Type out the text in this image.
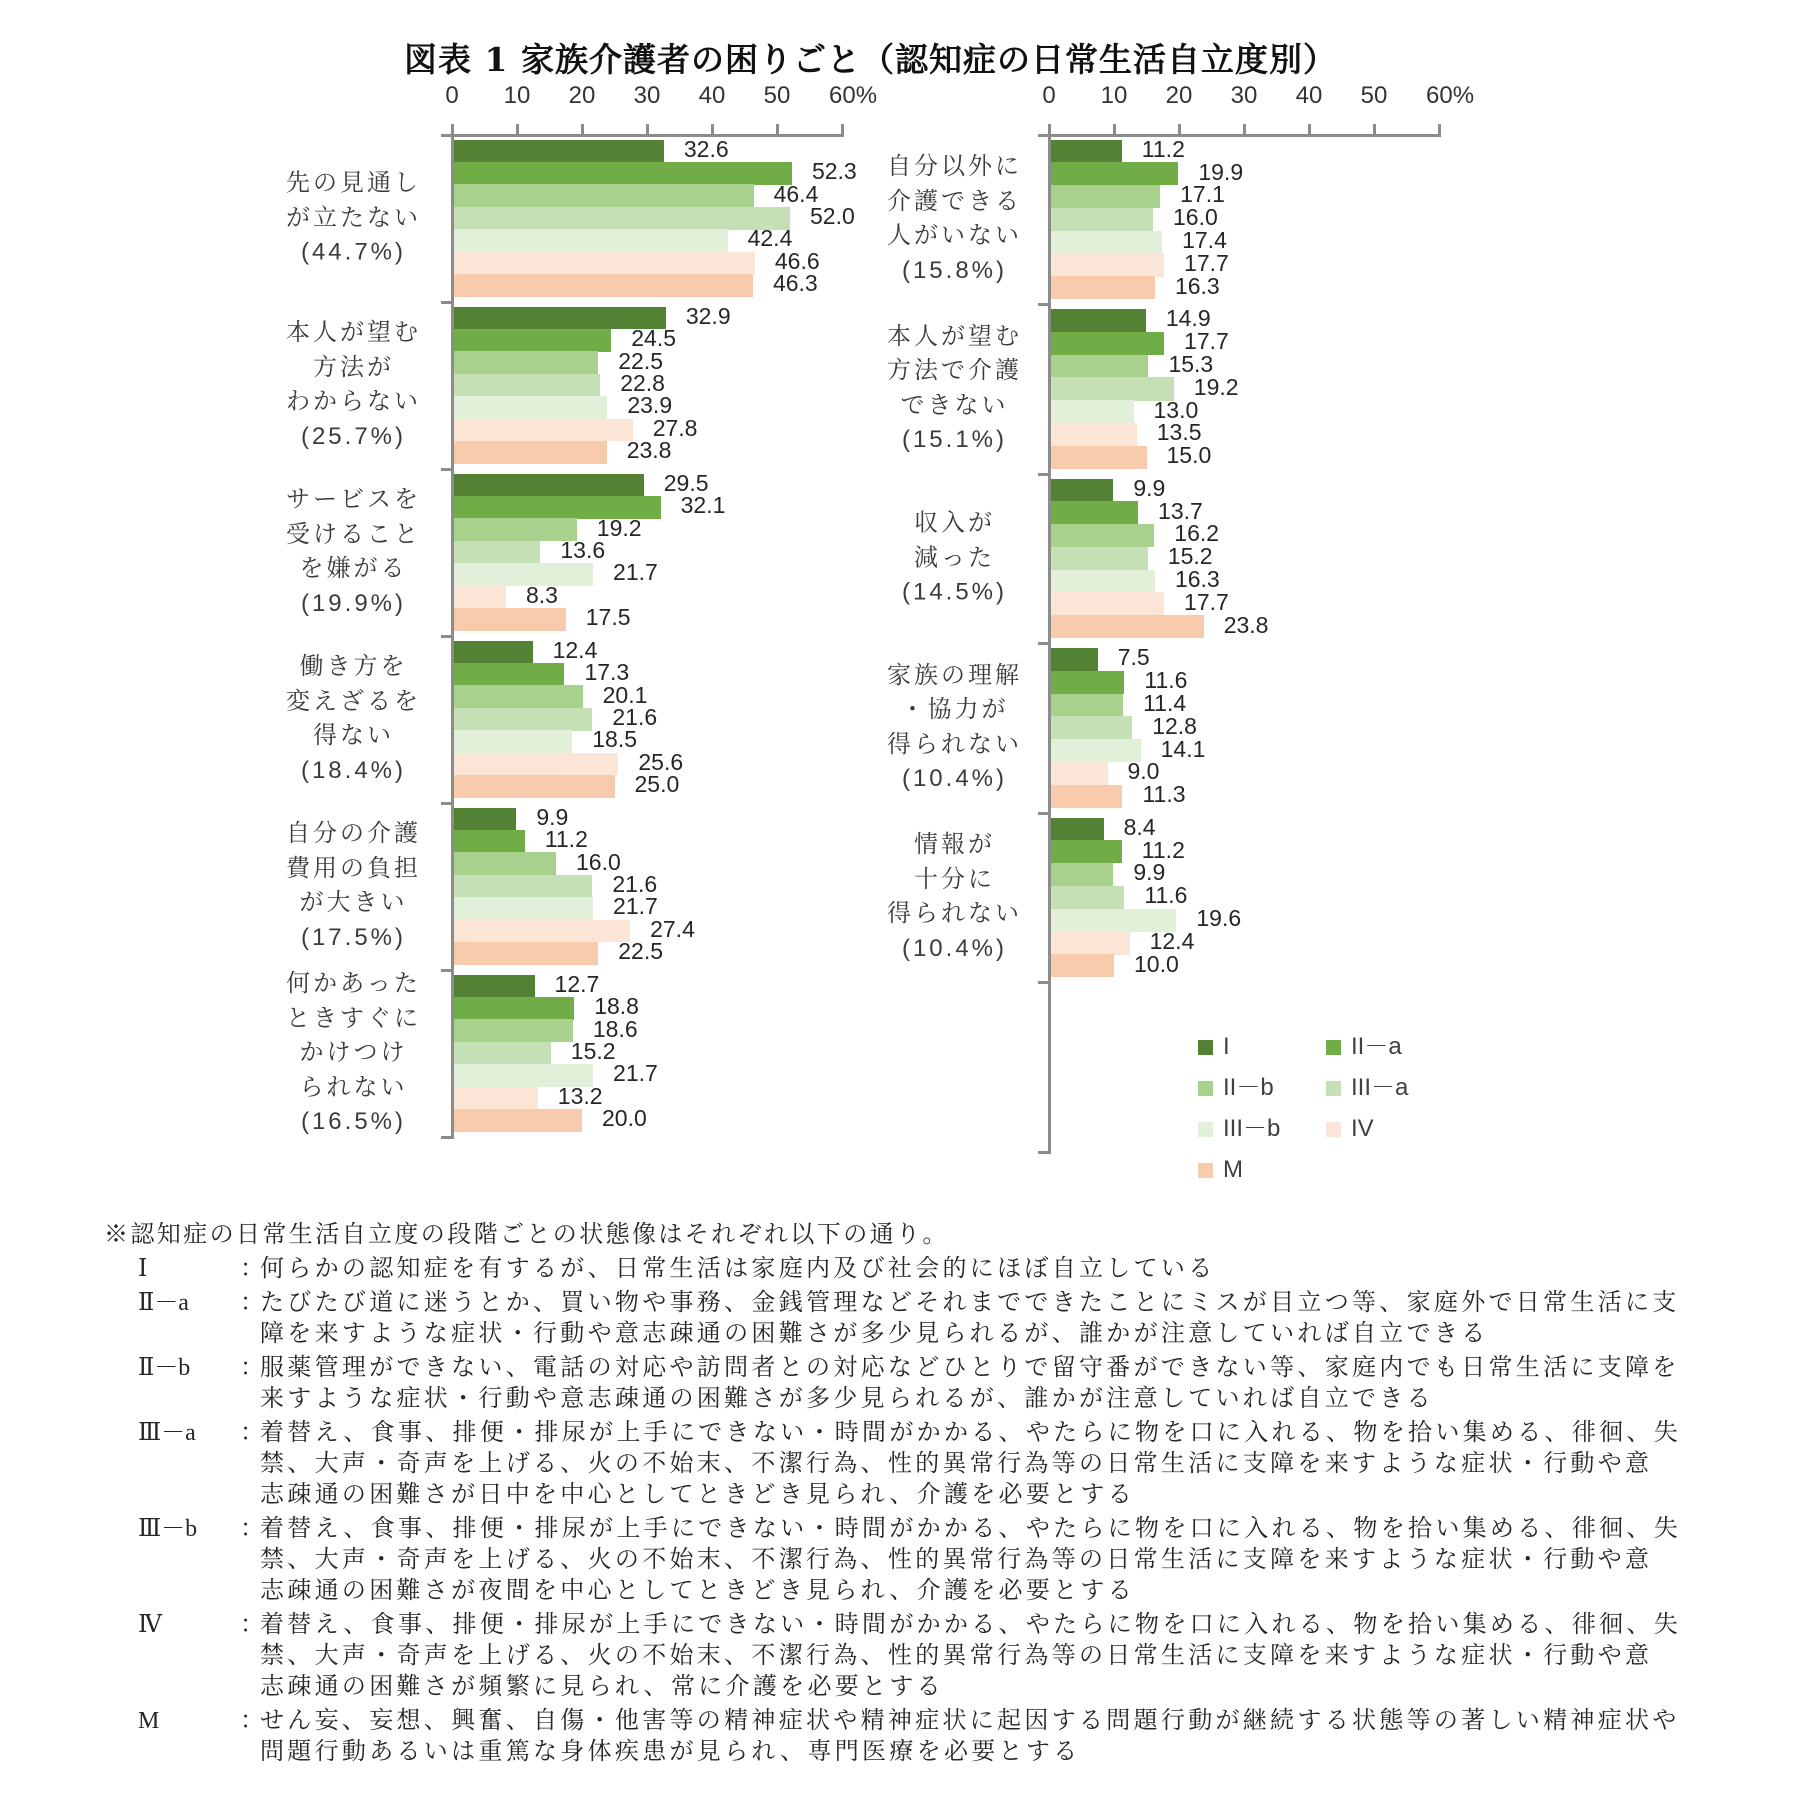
図表 1 家族介護者の困りごと（認知症の日常生活自立度別）
0 10 20 30 40 50 60%
32.6
52.3
46.4
52.0
42.4
46.6
46.3
先の見通し
が立たない
(44.7%)
32.9
24.5
22.5
22.8
23.9
27.8
23.8
本人が望む
方法が
わからない
(25.7%)
29.5
32.1
19.2
13.6
21.7
8.3
17.5
サービスを
受けること
を嫌がる
(19.9%)
12.4
17.3
20.1
21.6
18.5
25.6
25.0
働き方を
変えざるを
得ない
(18.4%)
9.9
11.2
16.0
21.6
21.7
27.4
22.5
自分の介護
費用の負担
が大きい
(17.5%)
12.7
18.8
18.6
15.2
21.7
13.2
20.0
何かあった
ときすぐに
かけつけ
られない
(16.5%)
0 10 20 30 40 50 60%
11.2
19.9
17.1
16.0
17.4
17.7
16.3
自分以外に
介護できる
人がいない
(15.8%)
14.9
17.7
15.3
19.2
13.0
13.5
15.0
本人が望む
方法で介護
できない
(15.1%)
9.9
13.7
16.2
15.2
16.3
17.7
23.8
収入が
減った
(14.5%)
7.5
11.6
11.4
12.8
14.1
9.0
11.3
家族の理解
・協力が
得られない
(10.4%)
8.4
11.2
9.9
11.6
19.6
12.4
10.0
情報が
十分に
得られない
(10.4%)
I	II－a
II－b	III－a
III－b	IV
M
※認知症の日常生活自立度の段階ごとの状態像はそれぞれ以下の通り。
Ⅰ	：
何らかの認知症を有するが、日常生活は家庭内及び社会的にほぼ自立している
Ⅱ－a ：
たびたび道に迷うとか、買い物や事務、金銭管理などそれまでできたことにミスが目立つ等、家庭外で日常生活に支
障を来すような症状・行動や意志疎通の困難さが多少見られるが、誰かが注意していれば自立できる
Ⅱ－b ：
服薬管理ができない、電話の対応や訪問者との対応などひとりで留守番ができない等、家庭内でも日常生活に支障を
来すような症状・行動や意志疎通の困難さが多少見られるが、誰かが注意していれば自立できる
Ⅲ－a ：
着替え、食事、排便・排尿が上手にできない・時間がかかる、やたらに物を口に入れる、物を拾い集める、徘徊、失
禁、大声・奇声を上げる、火の不始末、不潔行為、性的異常行為等の日常生活に支障を来すような症状・行動や意
志疎通の困難さが日中を中心としてときどき見られ、介護を必要とする
Ⅲ－b ：
着替え、食事、排便・排尿が上手にできない・時間がかかる、やたらに物を口に入れる、物を拾い集める、徘徊、失
禁、大声・奇声を上げる、火の不始末、不潔行為、性的異常行為等の日常生活に支障を来すような症状・行動や意
志疎通の困難さが夜間を中心としてときどき見られ、介護を必要とする
Ⅳ	：
着替え、食事、排便・排尿が上手にできない・時間がかかる、やたらに物を口に入れる、物を拾い集める、徘徊、失
禁、大声・奇声を上げる、火の不始末、不潔行為、性的異常行為等の日常生活に支障を来すような症状・行動や意
志疎通の困難さが頻繁に見られ、常に介護を必要とする
M	：
せん妄、妄想、興奮、自傷・他害等の精神症状や精神症状に起因する問題行動が継続する状態等の著しい精神症状や
問題行動あるいは重篤な身体疾患が見られ、専門医療を必要とする
